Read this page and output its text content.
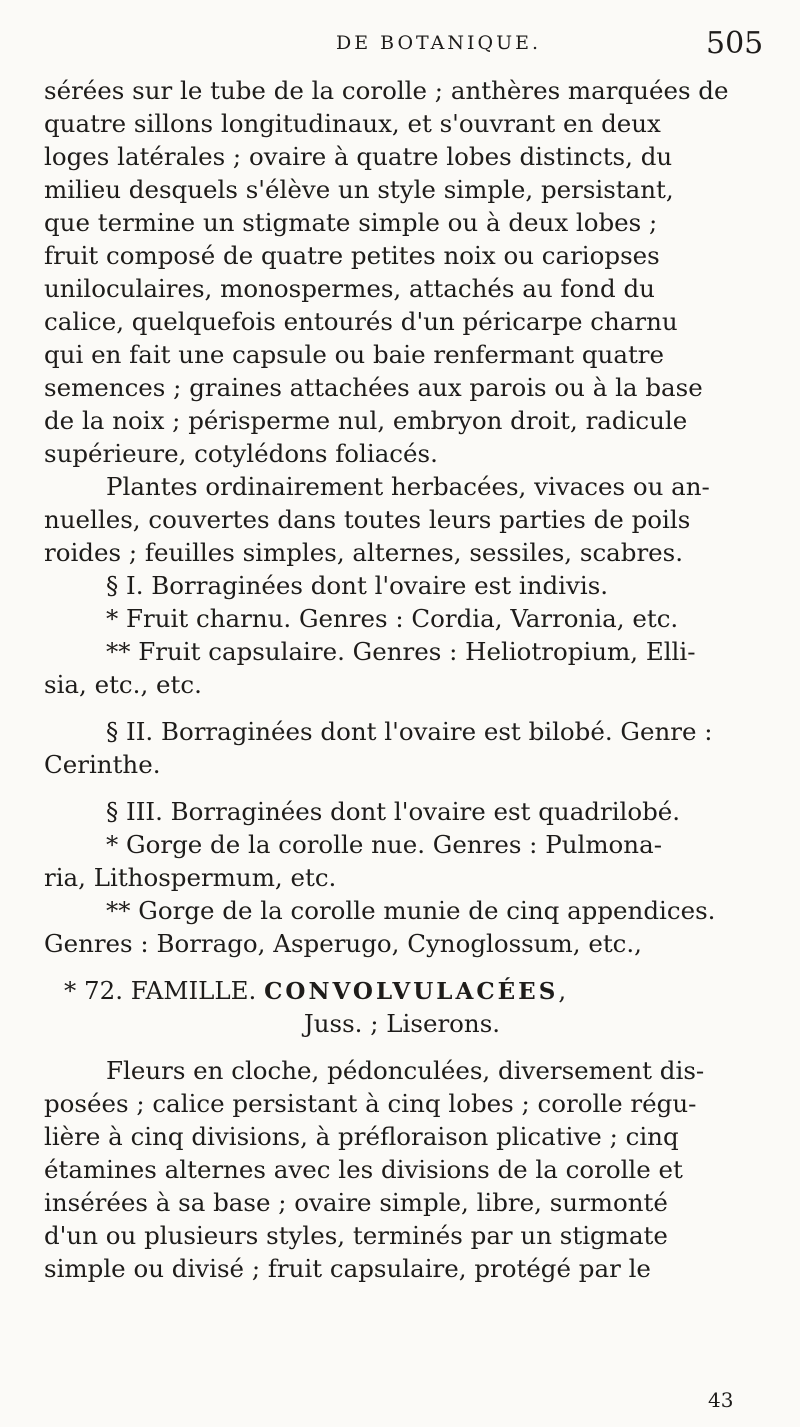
DE BOTANIQUE.	505
sérées sur le tube de la corolle ; anthères marquées de
quatre sillons longitudinaux, et s'ouvrant en deux
loges latérales ; ovaire à quatre lobes distincts, du
milieu desquels s'élève un style simple, persistant,
que termine un stigmate simple ou à deux lobes ;
fruit composé de quatre petites noix ou cariopses
uniloculaires, monospermes, attachés au fond du
calice, quelquefois entourés d'un péricarpe charnu
qui en fait une capsule ou baie renfermant quatre
semences ; graines attachées aux parois ou à la base
de la noix ; périsperme nul, embryon droit, radicule
supérieure, cotylédons foliacés.
Plantes ordinairement herbacées, vivaces ou an-
nuelles, couvertes dans toutes leurs parties de poils
roides ; feuilles simples, alternes, sessiles, scabres.
§ I. Borraginées dont l'ovaire est indivis.
* Fruit charnu. Genres : Cordia, Varronia, etc.
** Fruit capsulaire. Genres : Heliotropium, Elli-
sia, etc., etc.
§ II. Borraginées dont l'ovaire est bilobé. Genre :
Cerinthe.
§ III. Borraginées dont l'ovaire est quadrilobé.
* Gorge de la corolle nue. Genres : Pulmona-
ria, Lithospermum, etc.
** Gorge de la corolle munie de cinq appendices.
Genres : Borrago, Asperugo, Cynoglossum, etc.,
* 72. FAMILLE. CONVOLVULACÉES,
Juss. ; Liserons.
Fleurs en cloche, pédonculées, diversement dis-
posées ; calice persistant à cinq lobes ; corolle régu-
lière à cinq divisions, à préfloraison plicative ; cinq
étamines alternes avec les divisions de la corolle et
insérées à sa base ; ovaire simple, libre, surmonté
d'un ou plusieurs styles, terminés par un stigmate
simple ou divisé ; fruit capsulaire, protégé par le
43
